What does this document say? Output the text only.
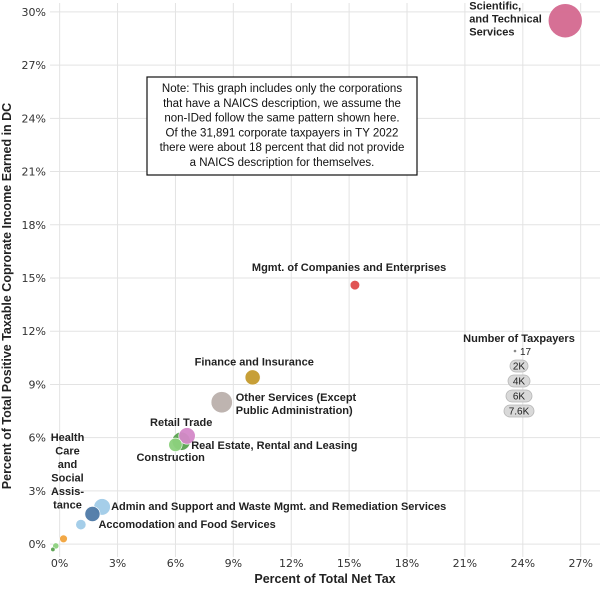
0%	3%	6%	9%	12%	15%	18%	21%	24%	27%
0%
3%
6%
9%
12%
15%
18%
21%
24%
27%
30%	Scientific, and Technical Services
Mgmt. of Companies and Enterprises
Finance and Insurance
Other Services (Except Public Administration)
Retail Trade
Real Estate, Rental and Leasing
Construction
Admin and Support and Waste Mgmt. and Remediation Services
Accomodation and Food Services
Health Care and Social Assis-tance
Note: This graph includes only the corporations that have a NAICS description, we assume the non-IDed follow the same pattern shown here. Of the 31,891 corporate taxpayers in TY 2022 there were about 18 percent that did not provide a NAICS description for themselves.
Number of Taxpayers
17
2K
4K
6K
7.6K
Percent of Total Net Tax
Percent of Total Positive Taxable Coprorate Income Earned in DC
